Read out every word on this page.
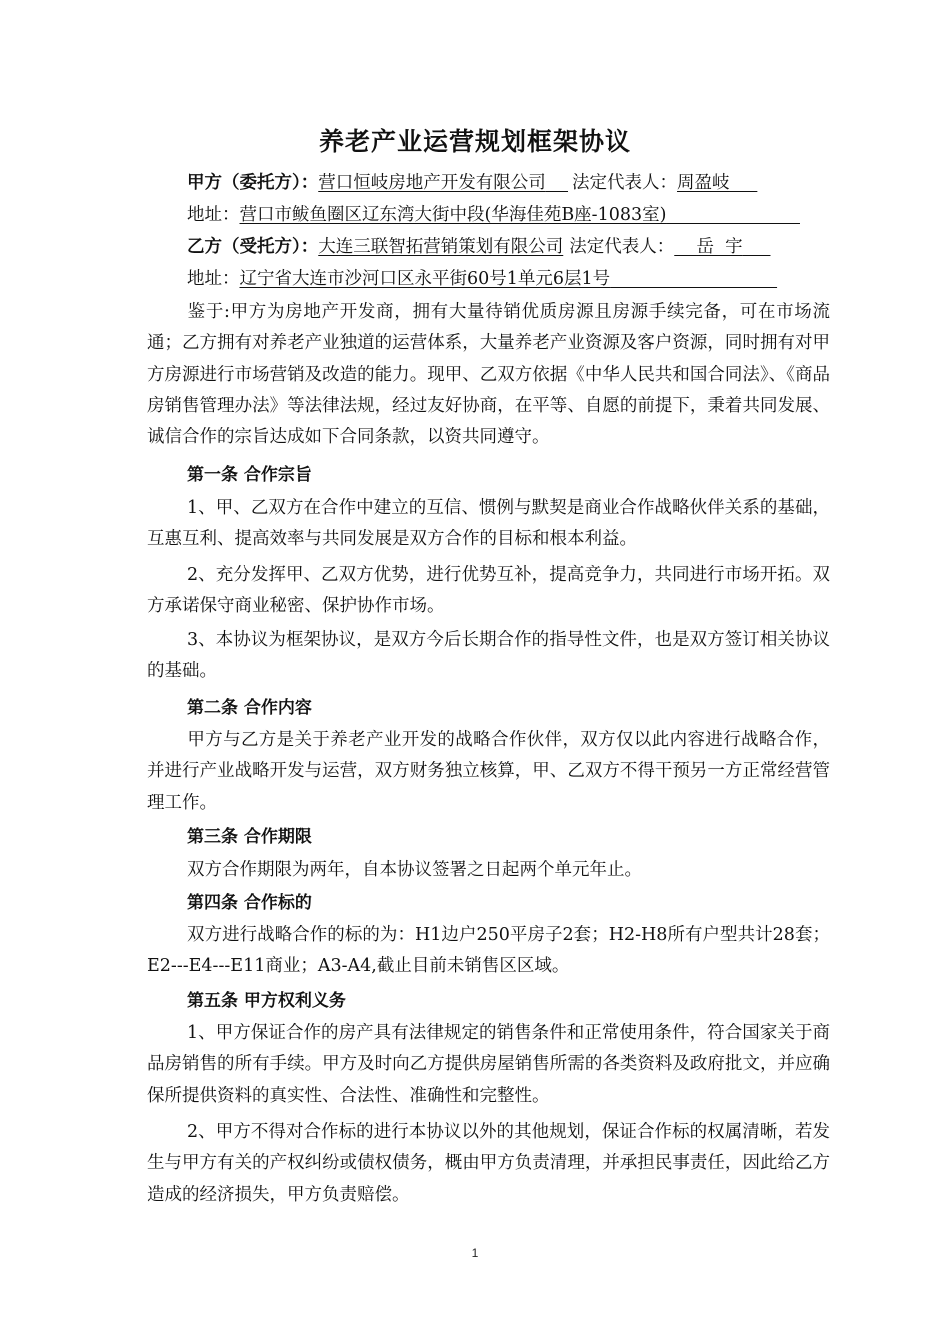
养老产业运营规划框架协议
甲方（委托方）：营口恒岐房地产开发有限公司 法定代表人：周盈岐
地址：营口市鲅鱼圈区辽东湾大街中段(华海佳苑B座-1083室)
乙方（受托方）：大连三联智拓营销策划有限公司 法定代表人： 岳  宇
地址：辽宁省大连市沙河口区永平街60号1单元6层1号
鉴于:甲方为房地产开发商，拥有大量待销优质房源且房源手续完备，可在市场流通；乙方拥有对养老产业独道的运营体系，大量养老产业资源及客户资源，同时拥有对甲方房源进行市场营销及改造的能力。现甲、乙双方依据《中华人民共和国合同法》、《商品房销售管理办法》等法律法规，经过友好协商，在平等、自愿的前提下，秉着共同发展、诚信合作的宗旨达成如下合同条款，以资共同遵守。
第一条 合作宗旨
1、甲、乙双方在合作中建立的互信、惯例与默契是商业合作战略伙伴关系的基础，互惠互利、提高效率与共同发展是双方合作的目标和根本利益。
2、充分发挥甲、乙双方优势，进行优势互补，提高竞争力，共同进行市场开拓。双方承诺保守商业秘密、保护协作市场。
3、本协议为框架协议，是双方今后长期合作的指导性文件，也是双方签订相关协议的基础。
第二条 合作内容
甲方与乙方是关于养老产业开发的战略合作伙伴，双方仅以此内容进行战略合作，并进行产业战略开发与运营，双方财务独立核算，甲、乙双方不得干预另一方正常经营管理工作。
第三条 合作期限
双方合作期限为两年，自本协议签署之日起两个单元年止。
第四条 合作标的
双方进行战略合作的标的为：H1边户250平房子2套；H2-H8所有户型共计28套；E2---E4---E11商业；A3-A4,截止目前未销售区区域。
第五条 甲方权利义务
1、甲方保证合作的房产具有法律规定的销售条件和正常使用条件，符合国家关于商品房销售的所有手续。甲方及时向乙方提供房屋销售所需的各类资料及政府批文，并应确保所提供资料的真实性、合法性、准确性和完整性。
2、甲方不得对合作标的进行本协议以外的其他规划，保证合作标的权属清晰，若发生与甲方有关的产权纠纷或债权债务，概由甲方负责清理，并承担民事责任，因此给乙方造成的经济损失，甲方负责赔偿。
1
